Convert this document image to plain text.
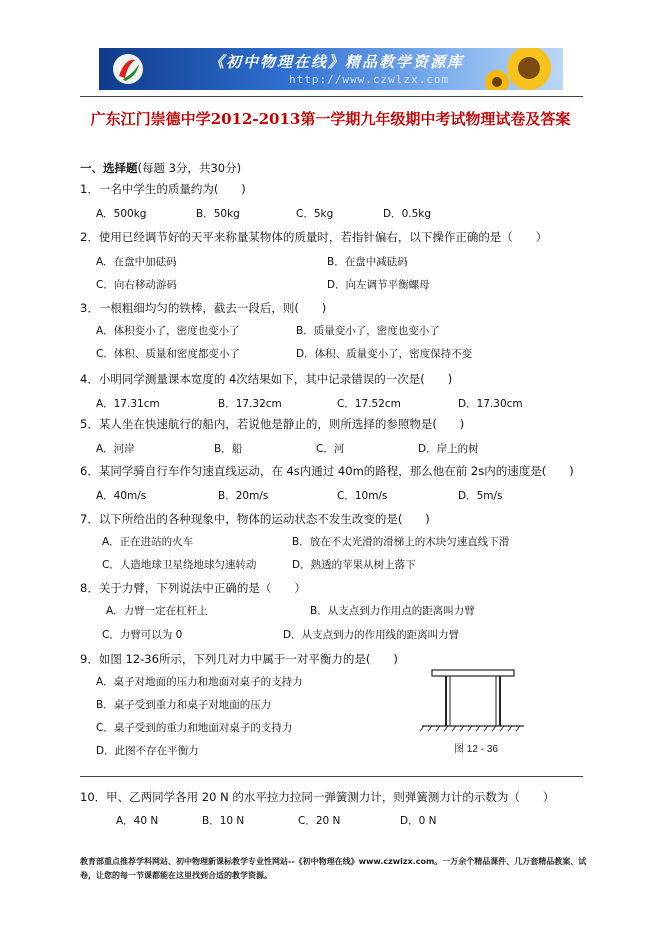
《初中物理在线》精品教学资源库
http://www.czwlzx.com
广东江门崇德中学2012-2013第一学期九年级期中考试物理试卷及答案
一、选择题(每题 3分，共30分)
1．一名中学生的质量约为(　　)
A．500kg	B．50kg	C．5kg	D．0.5kg
2．使用已经调节好的天平来称量某物体的质量时，若指针偏右，以下操作正确的是（　　）
A．在盘中加砝码	B．在盘中减砝码
C．向右移动游码	D．向左调节平衡螺母
3．一根粗细均匀的铁棒，截去一段后，则(　　)
A．体积变小了，密度也变小了	B．质量变小了，密度也变小了
C．体积、质量和密度都变小了	D．体积、质量变小了，密度保持不变
4．小明同学测量课本宽度的 4次结果如下，其中记录错误的一次是(　　)
A．17.31cm	B．17.32cm	C．17.52cm	D．17.30cm
5．某人坐在快速航行的船内，若说他是静止的，则所选择的参照物是(　　)
A．河岸	B．船	C．河	D．岸上的树
6．某同学骑自行车作匀速直线运动，在 4s内通过 40m的路程，那么他在前 2s内的速度是(　　)
A．40m/s	B．20m/s	C．10m/s	D．5m/s
7．以下所给出的各种现象中，物体的运动状态不发生改变的是(　　)
A．正在进站的火车	B．放在不太光滑的滑梯上的木块匀速直线下滑
C．人造地球卫星绕地球匀速转动	D．熟透的苹果从树上落下
8．关于力臂，下列说法中正确的是（　　）
A．力臂一定在杠杆上	B．从支点到力作用点的距离叫力臂
C．力臂可以为 0	D．从支点到力的作用线的距离叫力臂
9．如图 12-36所示，下列几对力中属于一对平衡力的是(　　)
A．桌子对地面的压力和地面对桌子的支持力
B．桌子受到重力和桌子对地面的压力
C．桌子受到的重力和地面对桌子的支持力
D．此图不存在平衡力	图 12 - 36
10．甲、乙两同学各用 20 N 的水平拉力拉同一弹簧测力计，则弹簧测力计的示数为（　　）
A．40 N	B．10 N	C．20 N	D．0 N
教育部重点推荐学科网站、初中物理新课标教学专业性网站--《初中物理在线》www.czwlzx.com。一万余个精品课件、几万套精品教案、试卷，让您的每一节课都能在这里找到合适的教学资源。
